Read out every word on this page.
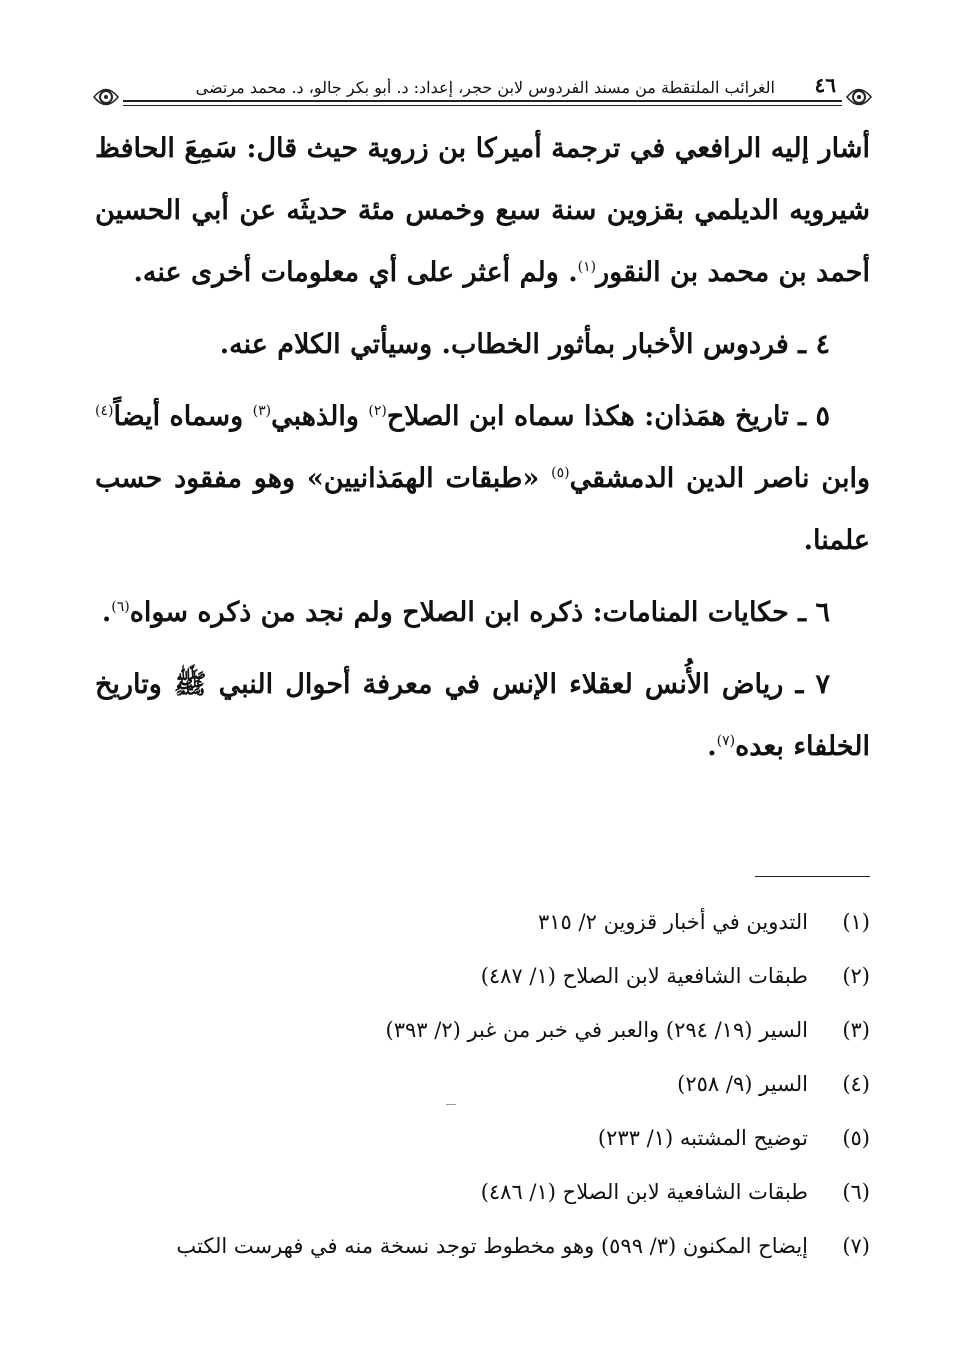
٤٦
الغرائب الملتقطة من مسند الفردوس لابن حجر، إعداد: د. أبو بكر جالو، د. محمد مرتضى

أشار إليه الرافعي في ترجمة أميركا بن زروية حيث قال: سَمِعَ الحافظ شيرويه الديلمي بقزوين سنة سبع وخمس مئة حديثَه عن أبي الحسين أحمد بن محمد بن النقور$^{(١)}$. ولم أعثر على أي معلومات أخرى عنه.

٤ ـ فردوس الأخبار بمأثور الخطاب. وسيأتي الكلام عنه.

٥ ـ تاريخ همَذان: هكذا سماه ابن الصلاح$^{(٢)}$ والذهبي$^{(٣)}$ وسماه أيضاً$^{(٤)}$ وابن ناصر الدين الدمشقي$^{(٥)}$ «طبقات الهمَذانيين» وهو مفقود حسب علمنا.

٦ ـ حكايات المنامات: ذكره ابن الصلاح ولم نجد من ذكره سواه$^{(٦)}$.

٧ ـ رياض الأُنس لعقلاء الإنس في معرفة أحوال النبي ﷺ وتاريخ الخلفاء بعده$^{(٧)}$.

(١)
التدوين في أخبار قزوين ٢/ ٣١٥
(٢)
طبقات الشافعية لابن الصلاح (١/ ٤٨٧)
(٣)
السير (١٩/ ٢٩٤) والعبر في خبر من غبر (٢/ ٣٩٣)
(٤)
السير (٩/ ٢٥٨)
(٥)
توضيح المشتبه (١/ ٢٣٣)
(٦)
طبقات الشافعية لابن الصلاح (١/ ٤٨٦)
(٧)
إيضاح المكنون (٣/ ٥٩٩) وهو مخطوط توجد نسخة منه في فهرست الكتب
